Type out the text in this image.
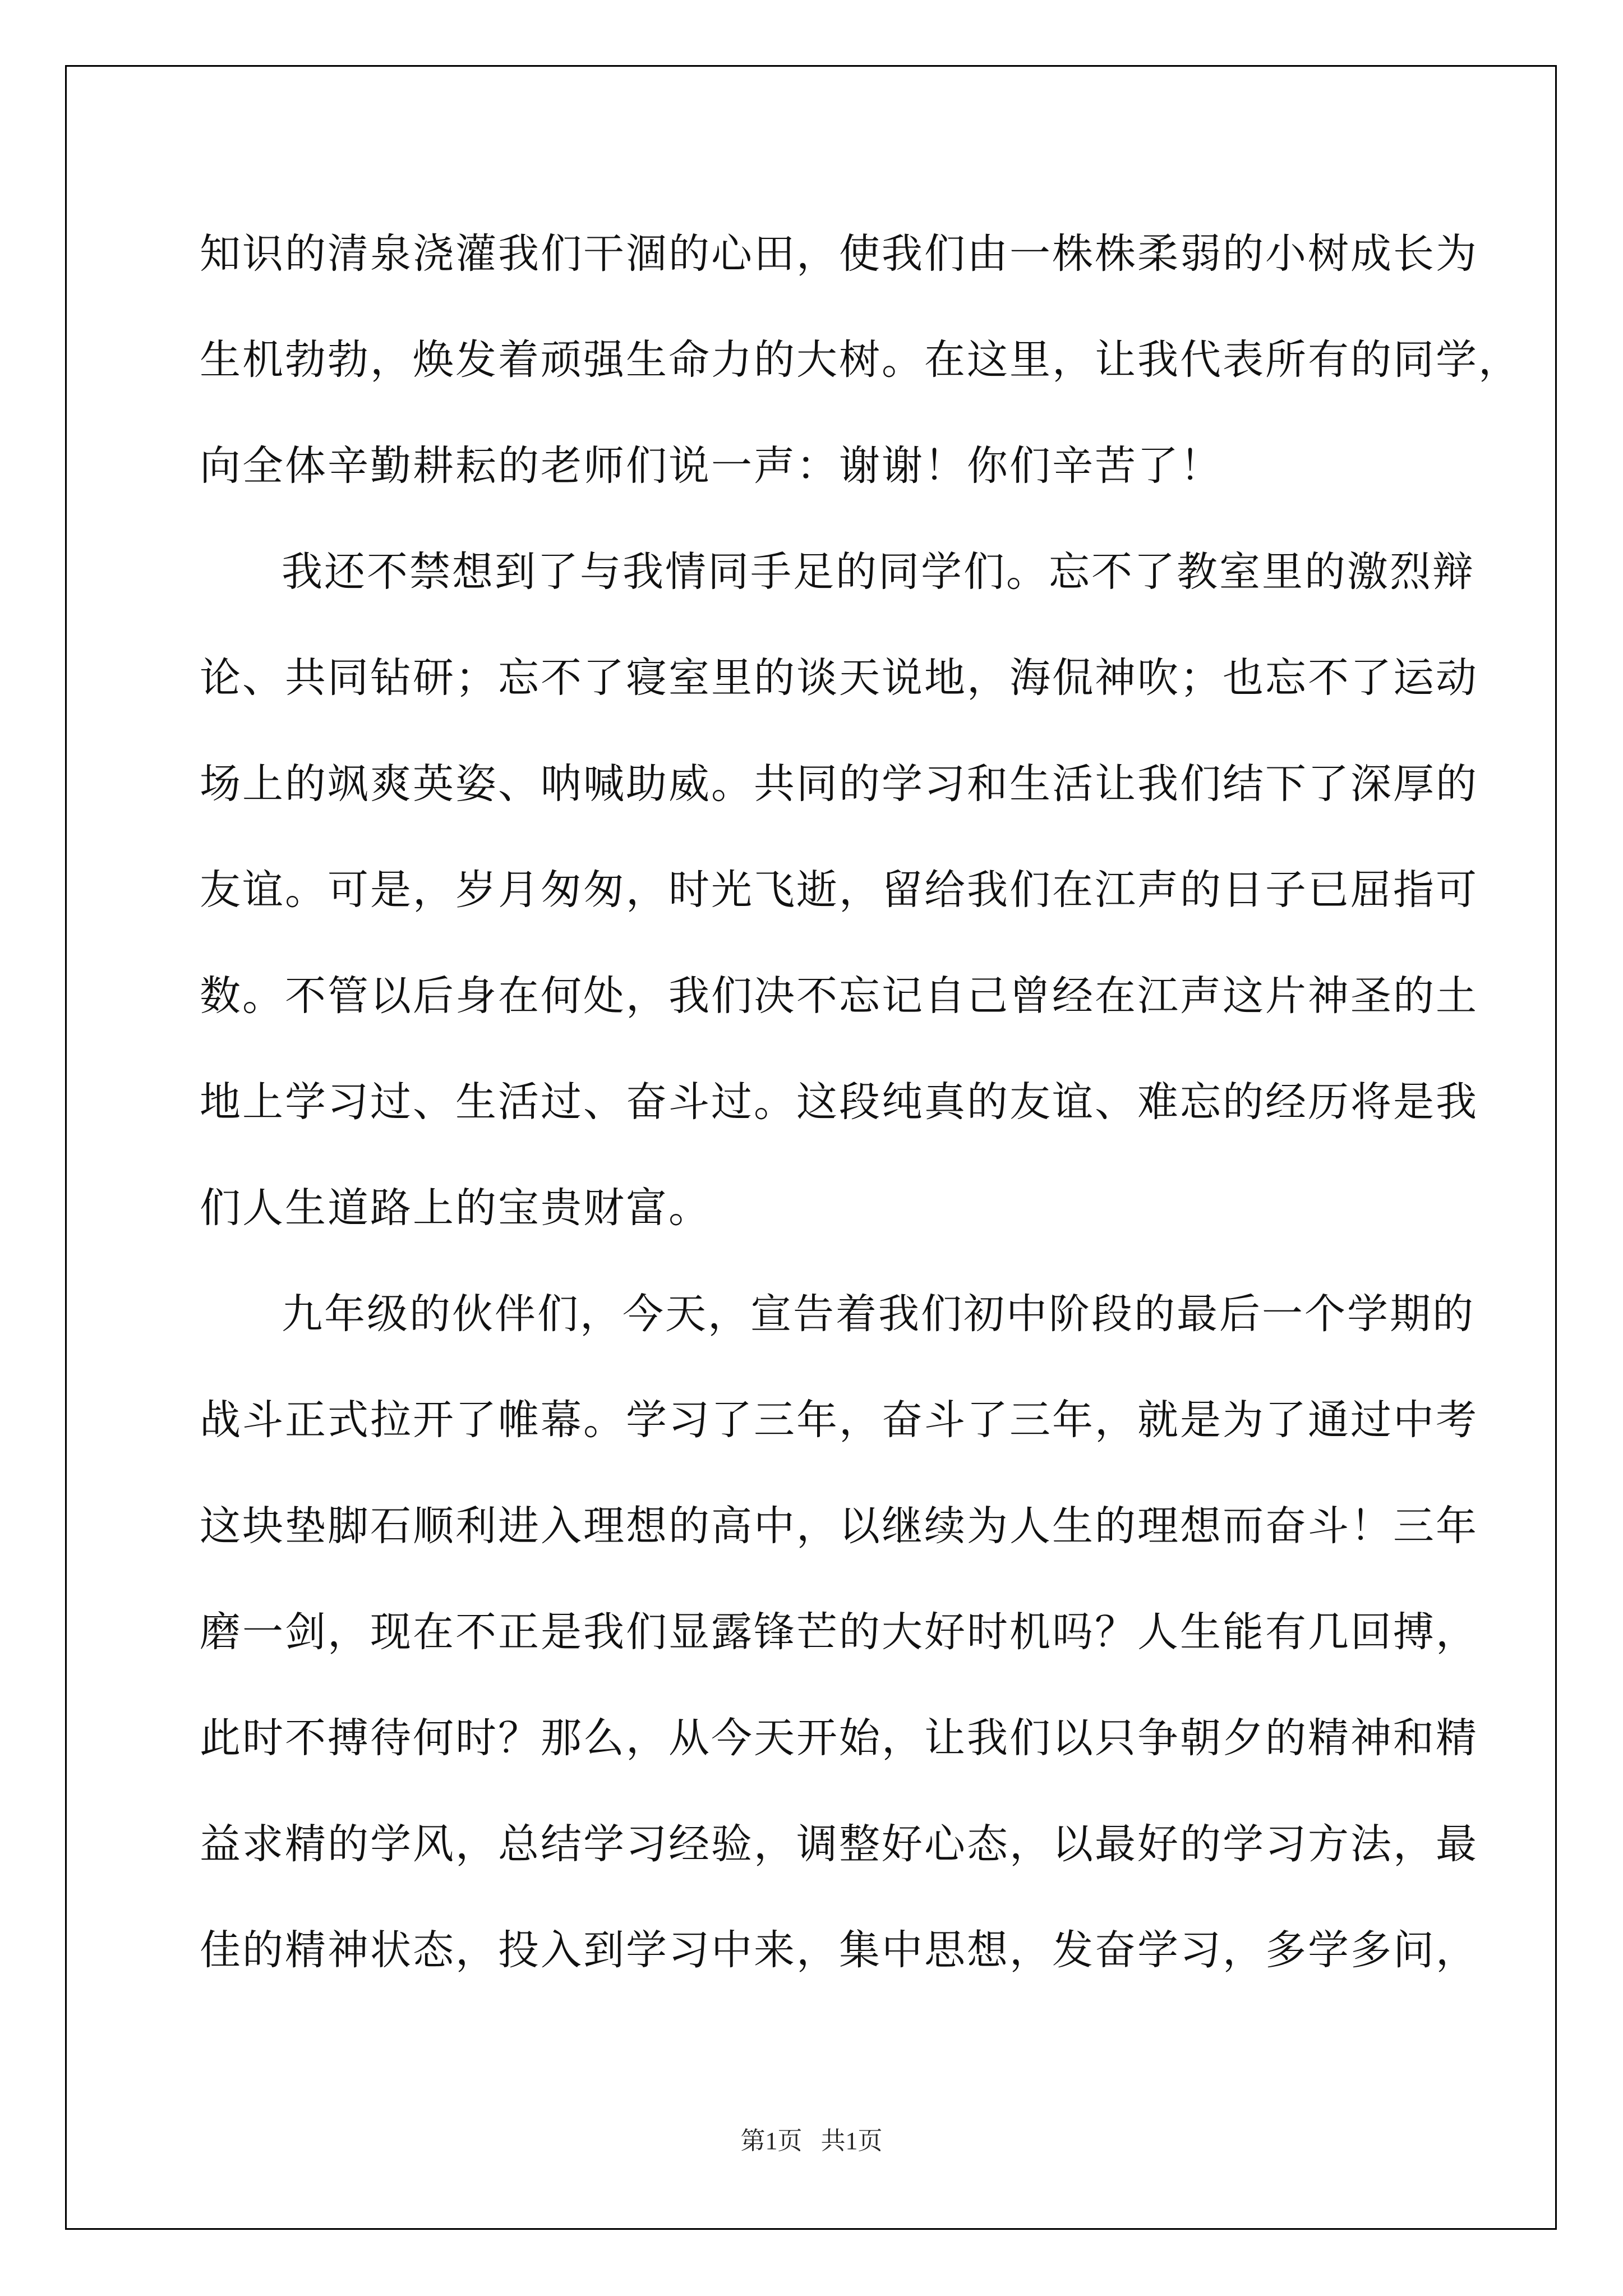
知识的清泉浇灌我们干涸的心田，使我们由一株株柔弱的小树成长为
生机勃勃，焕发着顽强生命力的大树。在这里，让我代表所有的同学，
向全体辛勤耕耘的老师们说一声：谢谢！你们辛苦了！
我还不禁想到了与我情同手足的同学们。忘不了教室里的激烈辩
论、共同钻研；忘不了寝室里的谈天说地，海侃神吹；也忘不了运动
场上的飒爽英姿、呐喊助威。共同的学习和生活让我们结下了深厚的
友谊。可是，岁月匆匆，时光飞逝，留给我们在江声的日子已屈指可
数。不管以后身在何处，我们决不忘记自己曾经在江声这片神圣的土
地上学习过、生活过、奋斗过。这段纯真的友谊、难忘的经历将是我
们人生道路上的宝贵财富。
九年级的伙伴们，今天，宣告着我们初中阶段的最后一个学期的
战斗正式拉开了帷幕。学习了三年，奋斗了三年，就是为了通过中考
这块垫脚石顺利进入理想的高中，以继续为人生的理想而奋斗！三年
磨一剑，现在不正是我们显露锋芒的大好时机吗？人生能有几回搏，
此时不搏待何时？那么，从今天开始，让我们以只争朝夕的精神和精
益求精的学风，总结学习经验，调整好心态，以最好的学习方法，最
佳的精神状态，投入到学习中来，集中思想，发奋学习，多学多问，
第1页   共1页
